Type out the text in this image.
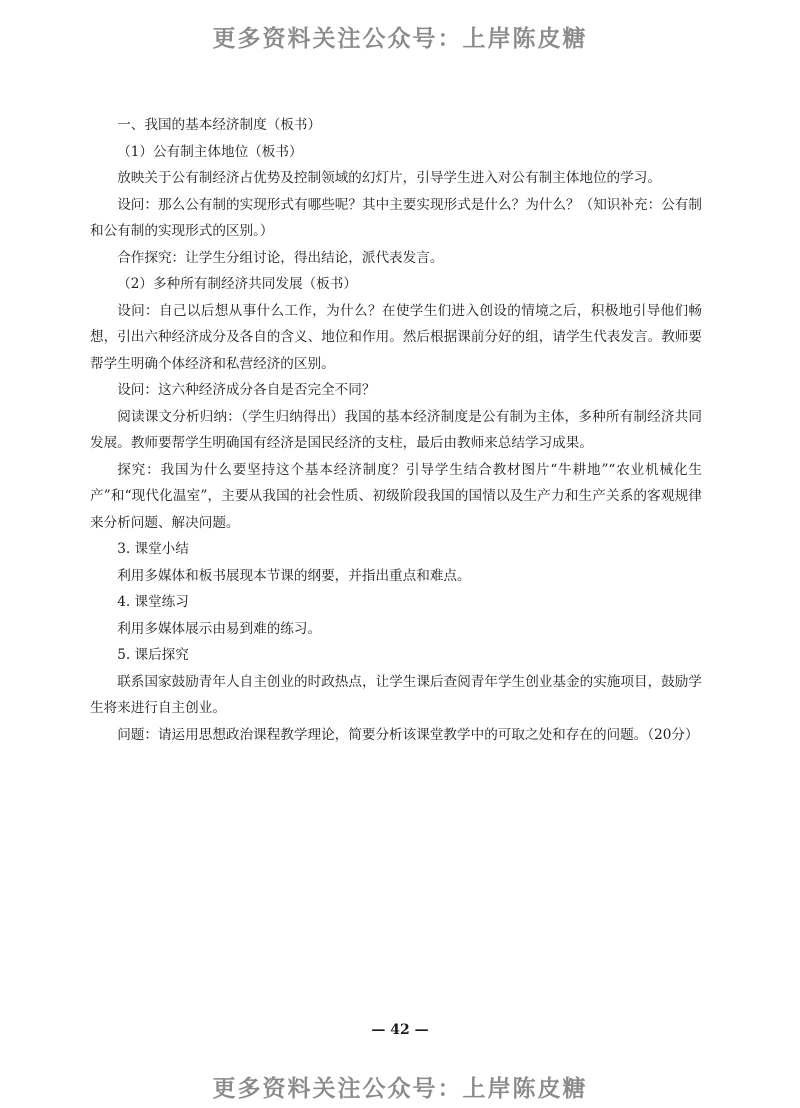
更多资料关注公众号：上岸陈皮糖

一、我国的基本经济制度（板书）

（1）公有制主体地位（板书）

放映关于公有制经济占优势及控制领域的幻灯片，引导学生进入对公有制主体地位的学习。

设问：那么公有制的实现形式有哪些呢？其中主要实现形式是什么？为什么？（知识补充：公有制和公有制的实现形式的区别。）

合作探究：让学生分组讨论，得出结论，派代表发言。

（2）多种所有制经济共同发展（板书）

设问：自己以后想从事什么工作，为什么？在使学生们进入创设的情境之后，积极地引导他们畅想，引出六种经济成分及各自的含义、地位和作用。然后根据课前分好的组，请学生代表发言。教师要帮学生明确个体经济和私营经济的区别。

设问：这六种经济成分各自是否完全不同？

阅读课文分析归纳：（学生归纳得出）我国的基本经济制度是公有制为主体，多种所有制经济共同发展。教师要帮学生明确国有经济是国民经济的支柱，最后由教师来总结学习成果。

探究：我国为什么要坚持这个基本经济制度？引导学生结合教材图片“牛耕地”“农业机械化生产”和“现代化温室”，主要从我国的社会性质、初级阶段我国的国情以及生产力和生产关系的客观规律来分析问题、解决问题。

3. 课堂小结

利用多媒体和板书展现本节课的纲要，并指出重点和难点。

4. 课堂练习

利用多媒体展示由易到难的练习。

5. 课后探究

联系国家鼓励青年人自主创业的时政热点，让学生课后查阅青年学生创业基金的实施项目，鼓励学生将来进行自主创业。

问题：请运用思想政治课程教学理论，简要分析该课堂教学中的可取之处和存在的问题。（20分）

— 42 —
更多资料关注公众号：上岸陈皮糖
